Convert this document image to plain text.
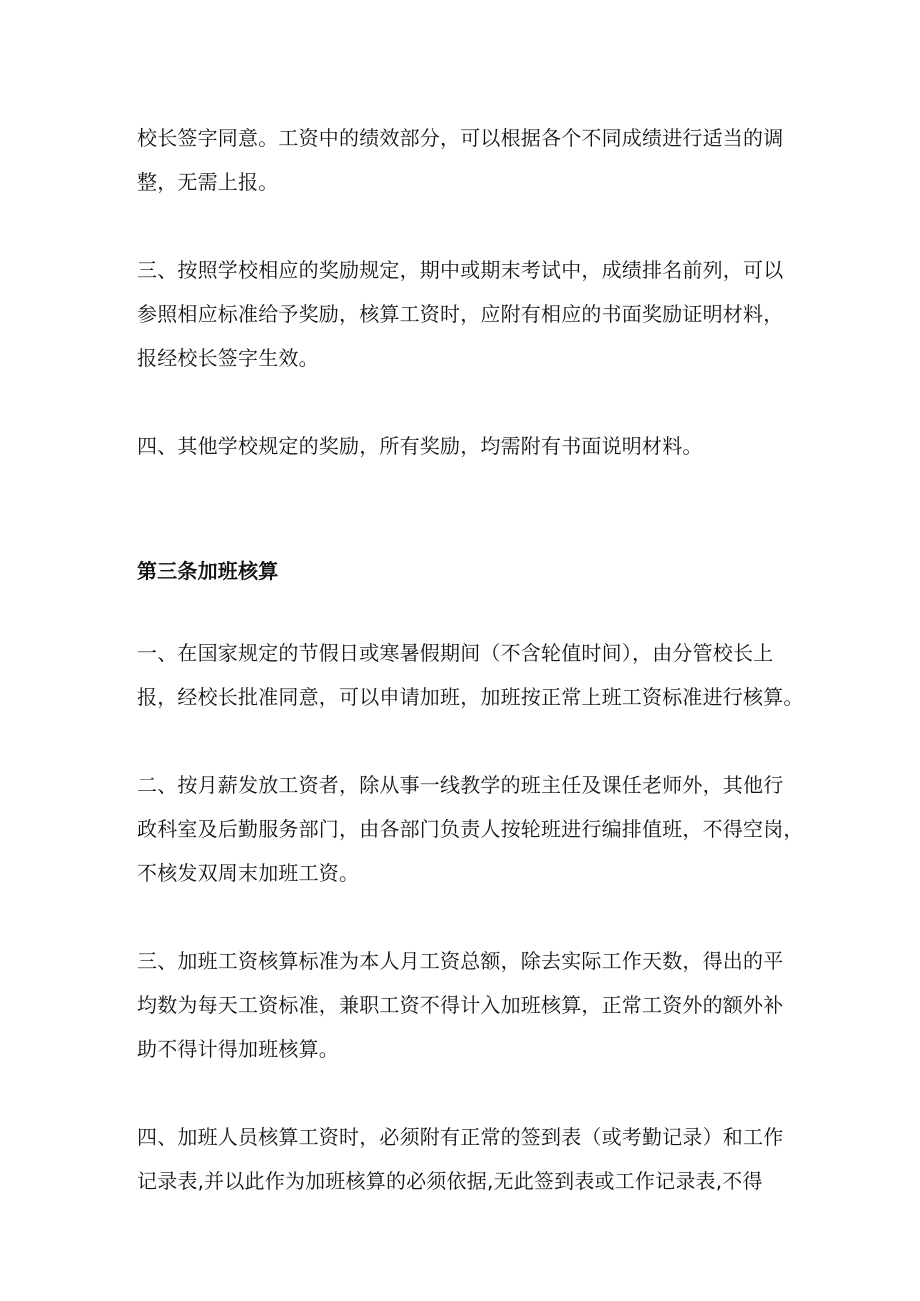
校长签字同意。工资中的绩效部分，可以根据各个不同成绩进行适当的调

整，无需上报。

三、按照学校相应的奖励规定，期中或期末考试中，成绩排名前列，可以

参照相应标准给予奖励，核算工资时，应附有相应的书面奖励证明材料，

报经校长签字生效。

四、其他学校规定的奖励，所有奖励，均需附有书面说明材料。

第三条加班核算

一、在国家规定的节假日或寒暑假期间（不含轮值时间），由分管校长上

报，经校长批准同意，可以申请加班，加班按正常上班工资标准进行核算。

二、按月薪发放工资者，除从事一线教学的班主任及课任老师外，其他行

政科室及后勤服务部门，由各部门负责人按轮班进行编排值班，不得空岗，

不核发双周末加班工资。

三、加班工资核算标准为本人月工资总额，除去实际工作天数，得出的平

均数为每天工资标准，兼职工资不得计入加班核算，正常工资外的额外补

助不得计得加班核算。

四、加班人员核算工资时，必须附有正常的签到表（或考勤记录）和工作

记录表,并以此作为加班核算的必须依据,无此签到表或工作记录表,不得
